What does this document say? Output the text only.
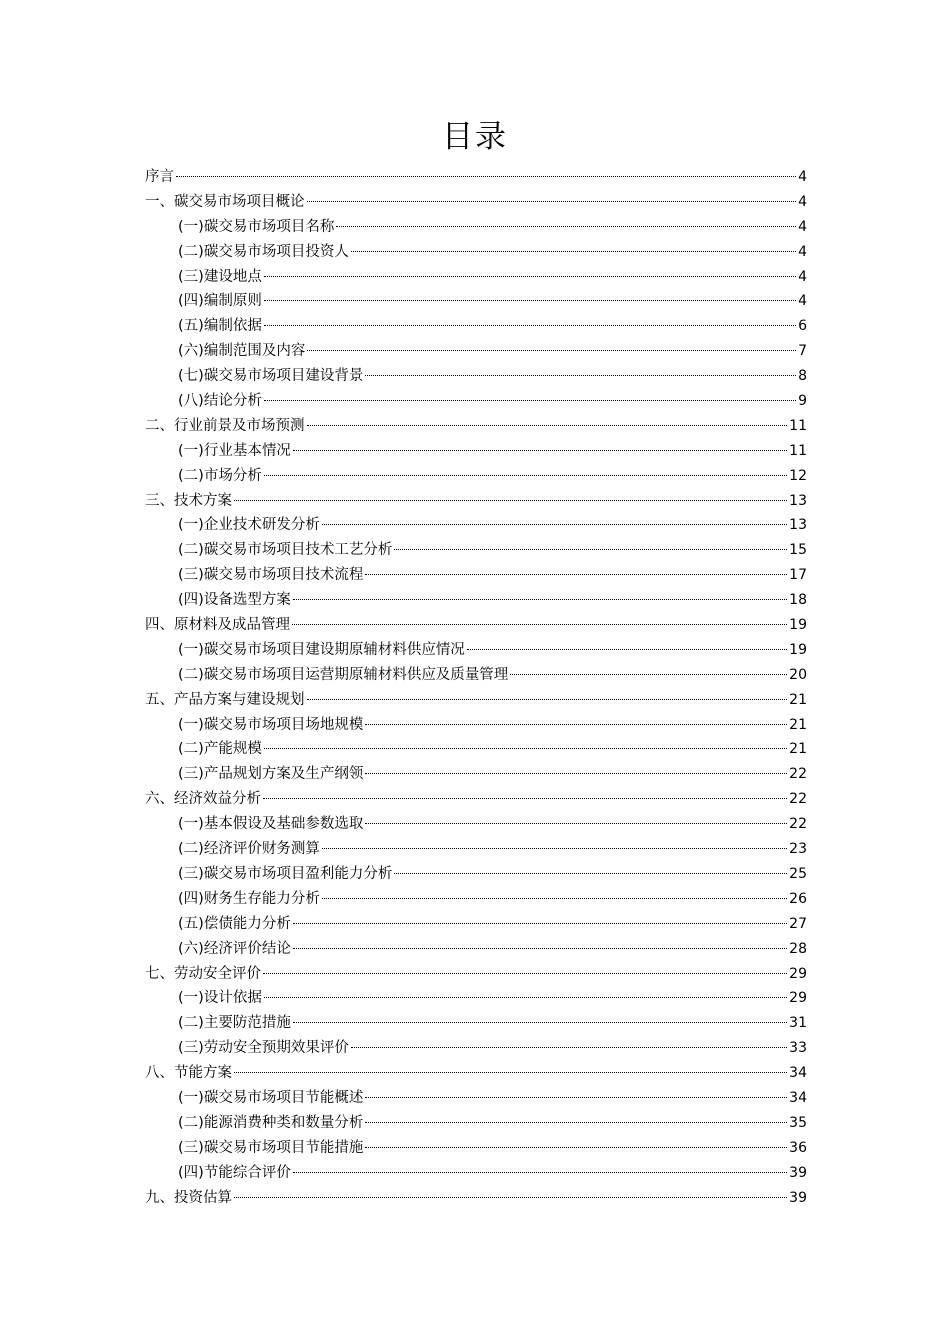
目录
序言	4
一、碳交易市场项目概论	4
(一)碳交易市场项目名称	4
(二)碳交易市场项目投资人	4
(三)建设地点	4
(四)编制原则	4
(五)编制依据	6
(六)编制范围及内容	7
(七)碳交易市场项目建设背景	8
(八)结论分析	9
二、行业前景及市场预测	11
(一)行业基本情况	11
(二)市场分析	12
三、技术方案	13
(一)企业技术研发分析	13
(二)碳交易市场项目技术工艺分析	15
(三)碳交易市场项目技术流程	17
(四)设备选型方案	18
四、原材料及成品管理	19
(一)碳交易市场项目建设期原辅材料供应情况	19
(二)碳交易市场项目运营期原辅材料供应及质量管理	20
五、产品方案与建设规划	21
(一)碳交易市场项目场地规模	21
(二)产能规模	21
(三)产品规划方案及生产纲领	22
六、经济效益分析	22
(一)基本假设及基础参数选取	22
(二)经济评价财务测算	23
(三)碳交易市场项目盈利能力分析	25
(四)财务生存能力分析	26
(五)偿债能力分析	27
(六)经济评价结论	28
七、劳动安全评价	29
(一)设计依据	29
(二)主要防范措施	31
(三)劳动安全预期效果评价	33
八、节能方案	34
(一)碳交易市场项目节能概述	34
(二)能源消费种类和数量分析	35
(三)碳交易市场项目节能措施	36
(四)节能综合评价	39
九、投资估算	39
